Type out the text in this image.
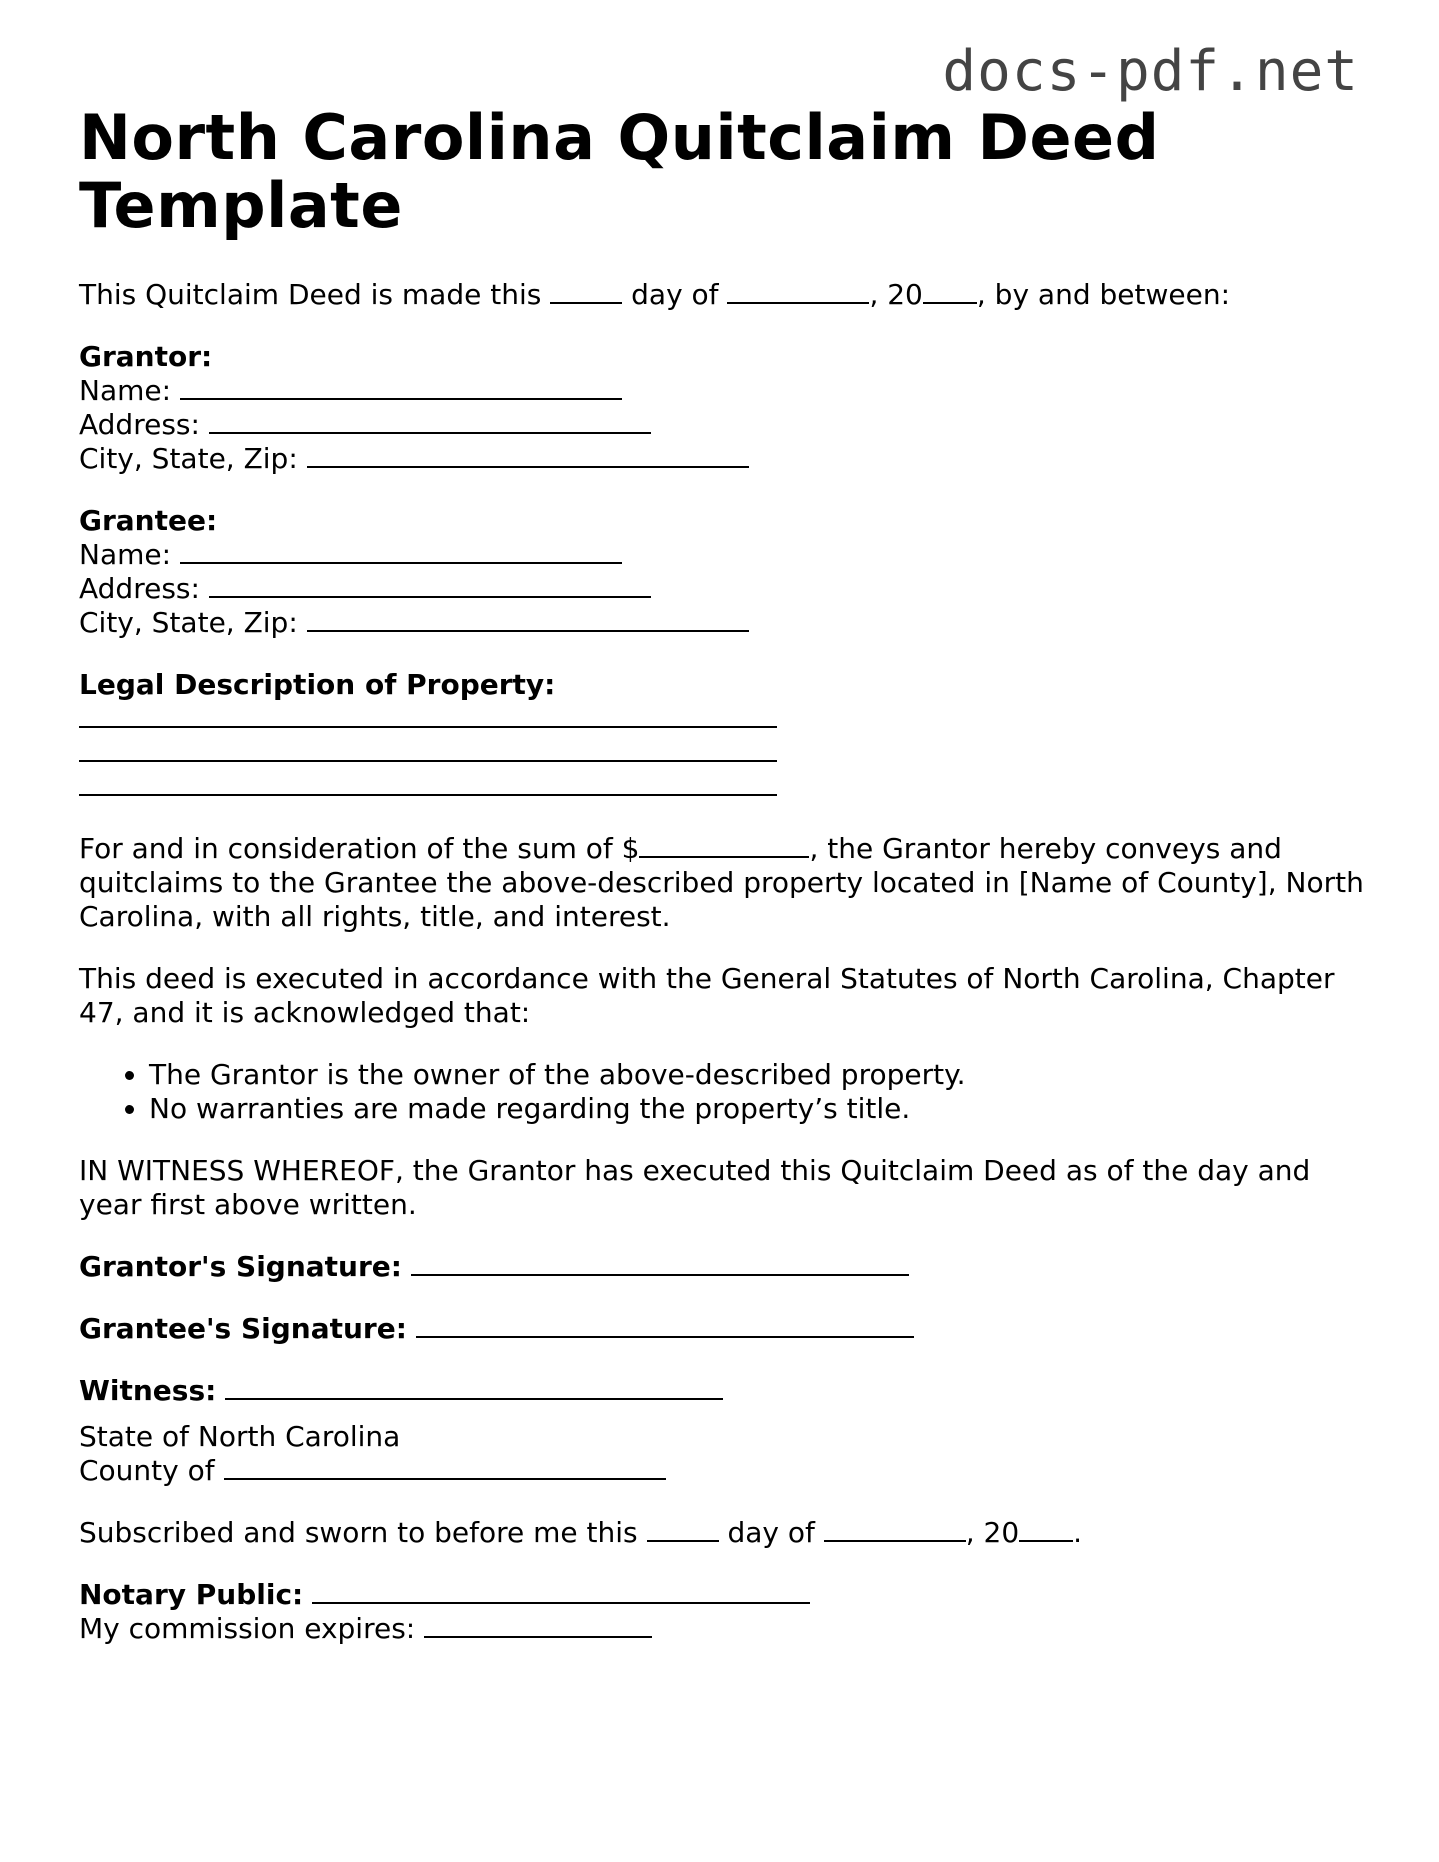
docs-pdf.net
North Carolina Quitclaim Deed
Template

This Quitclaim Deed is made this	day of	, 20 , by and between:

Grantor:
Name:
Address:
City, State, Zip:
Grantee:
Name:
Address:
City, State, Zip:
Legal Description of Property:

For and in consideration of the sum of $	, the Grantor hereby conveys and quitclaims to the Grantee the above-described property located in [Name of County], North Carolina, with all rights, title, and interest.

This deed is executed in accordance with the General Statutes of North Carolina, Chapter 47, and it is acknowledged that:

• The Grantor is the owner of the above-described property.
• No warranties are made regarding the property’s title.

IN WITNESS WHEREOF, the Grantor has executed this Quitclaim Deed as of the day and year first above written.

Grantor's Signature:
Grantee's Signature:
Witness:
State of North Carolina
County of

Subscribed and sworn to before me this	day of	, 20 .

Notary Public:
My commission expires:
